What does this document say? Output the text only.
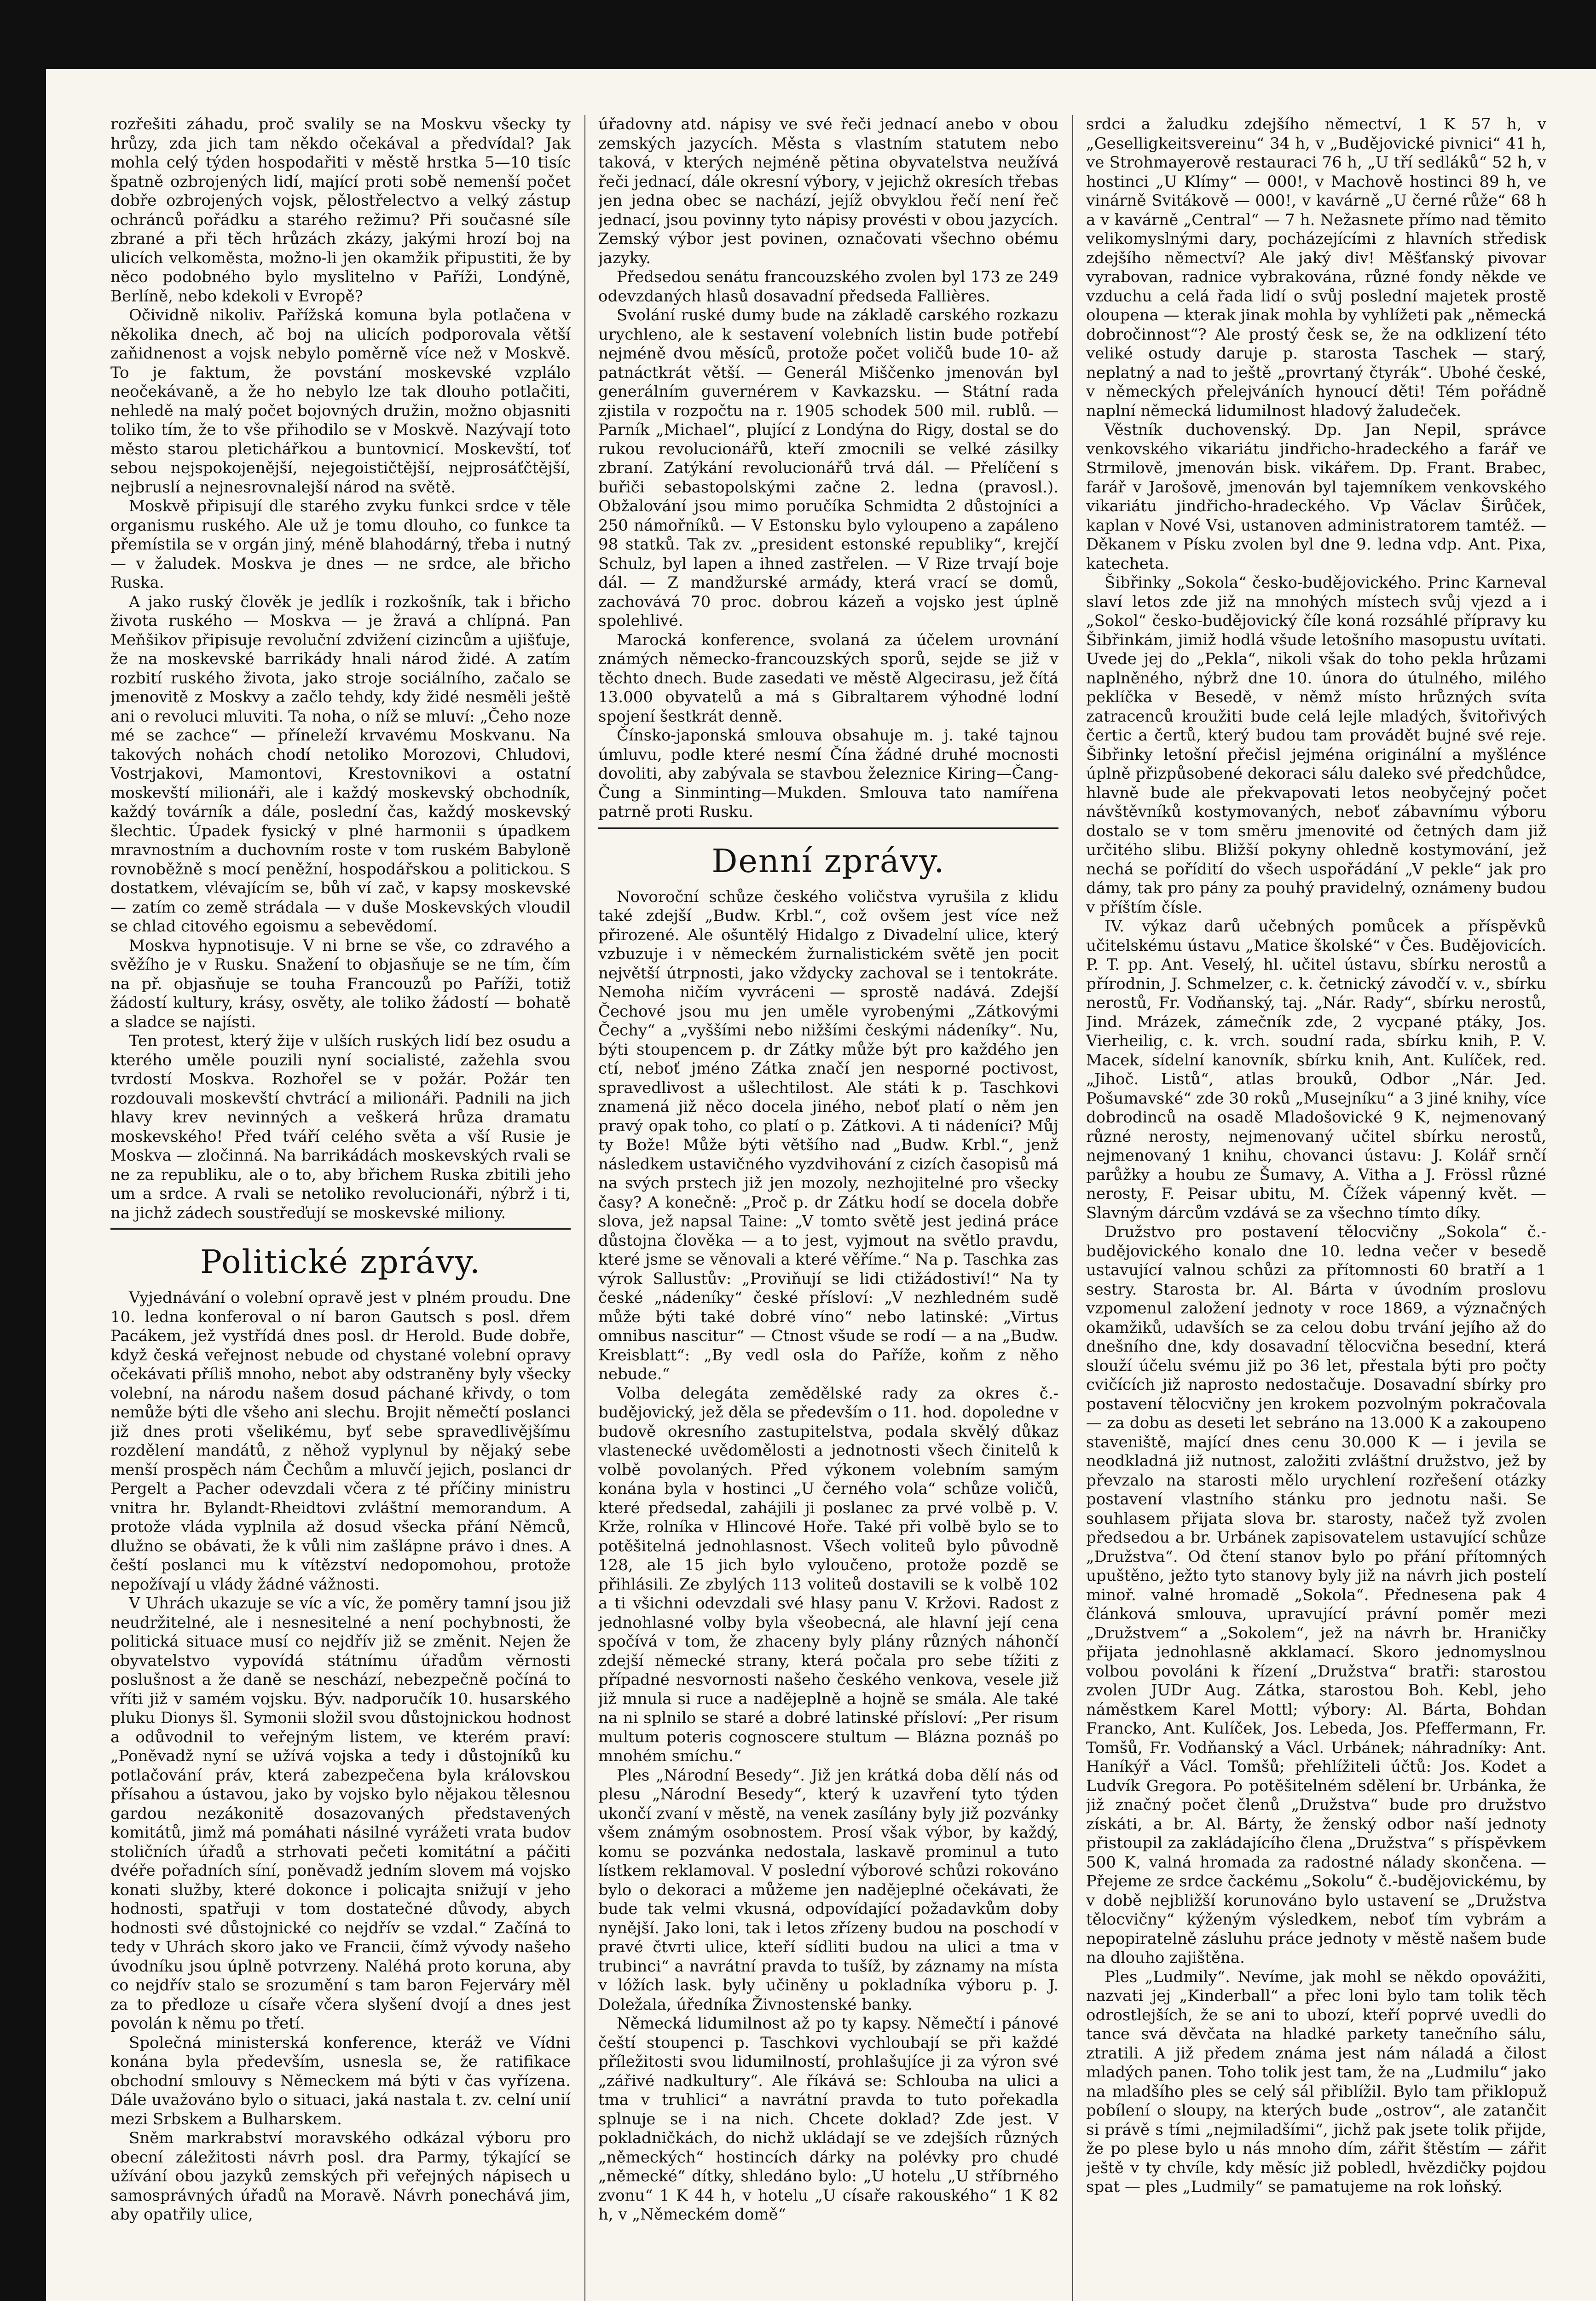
rozřešiti záhadu, proč svalily se na Moskvu všecky ty hrůzy, zda jich tam někdo očekával a předvídal? Jak mohla celý týden hospodařiti v městě hrstka 5—10 tisíc špatně ozbrojených lidí, mající proti sobě nemenší počet dobře ozbrojených vojsk, pělostřelectvo a velký zástup ochránců pořádku a starého režimu? Při současné síle zbrané a při těch hrůzách zkázy, jakými hrozí boj na ulicích velkoměsta, možno-li jen okamžik připustiti, že by něco podobného bylo myslitelno v Paříži, Londýně, Berlíně, nebo kdekoli v Evropě?

Očividně nikoliv. Pařížská komuna byla potlačena v několika dnech, ač boj na ulicích podporovala větší zaňidnenost a vojsk nebylo poměrně více než v Moskvě. To je faktum, že povstání moskevské vzplálo neočekávaně, a že ho nebylo lze tak dlouho potlačiti, nehledě na malý počet bojovných družin, možno objasniti toliko tím, že to vše přihodilo se v Moskvě. Nazývají toto město starou pletichářkou a buntovnicí. Moskevští, toť sebou nejspokojenější, nejegoističtější, nejprosáťčtější, nejbruslí a nejnesrovnalejší národ na světě.

Moskvě připisují dle starého zvyku funkci srdce v těle organismu ruského. Ale už je tomu dlouho, co funkce ta přemístila se v orgán jiný, méně blahodárný, třeba i nutný — v žaludek. Moskva je dnes — ne srdce, ale břicho Ruska.

A jako ruský člověk je jedlík i rozkošník, tak i břicho života ruského — Moskva — je žravá a chlípná. Pan Meňšikov připisuje revoluční zdvižení cizincům a ujišťuje, že na moskevské barrikády hnali národ židé. A zatím rozbití ruského života, jako stroje sociálního, začalo se jmenovitě z Moskvy a začlo tehdy, kdy židé nesměli ještě ani o revoluci mluviti. Ta noha, o níž se mluví: „Čeho noze mé se zachce“ — příneleží krvavému Moskvanu. Na takových nohách chodí netoliko Morozovi, Chludovi, Vostrjakovi, Mamontovi, Krestovnikovi a ostatní moskevští milionáři, ale i každý moskevský obchodník, každý továrník a dále, poslední čas, každý moskevský šlechtic. Úpadek fysický v plné harmonii s úpadkem mravnostním a duchovním roste v tom ruském Babyloně rovnoběžně s mocí peněžní, hospodářskou a politickou. S dostatkem, vlévajícím se, bůh ví zač, v kapsy moskevské — zatím co země strádala — v duše Moskevských vloudil se chlad citového egoismu a sebevědomí.

Moskva hypnotisuje. V ni brne se vše, co zdravého a svěžího je v Rusku. Snažení to objasňuje se ne tím, čím na př. objasňuje se touha Francouzů po Paříži, totiž žádostí kultury, krásy, osvěty, ale toliko žádostí — bohatě a sladce se najísti.

Ten protest, který žije v ulších ruských lidí bez osudu a kterého uměle pouzili nyní socialisté, zažehla svou tvrdostí Moskva. Rozhořel se v požár. Požár ten rozdouvali moskevští chvtrácí a milionáři. Padnili na jich hlavy krev nevinných a veškerá hrůza dramatu moskevského! Před tváří celého světa a vší Rusie je Moskva — zločinná. Na barrikádách moskevských rvali se ne za republiku, ale o to, aby břichem Ruska zbitili jeho um a srdce. A rvali se netoliko revolucionáři, nýbrž i ti, na jichž zádech soustřeďují se moskevské miliony.

Politické zprávy.

Vyjednávání o volební opravě jest v plném proudu. Dne 10. ledna konferoval o ní baron Gautsch s posl. dřem Pacákem, jež vystřídá dnes posl. dr Herold. Bude dobře, když česká veřejnost nebude od chystané volební opravy očekávati příliš mnoho, nebot aby odstraněny byly všecky volební, na národu našem dosud páchané křivdy, o tom nemůže býti dle všeho ani slechu. Brojit němečtí poslanci již dnes proti všelikému, byť sebe spravedlivějšímu rozdělení mandátů, z něhož vyplynul by nějaký sebe menší prospěch nám Čechům a mluvčí jejich, poslanci dr Pergelt a Pacher odevzdali včera z té příčiny ministru vnitra hr. Bylandt-Rheidtovi zvláštní memorandum. A protože vláda vyplnila až dosud všecka přání Němců, dlužno se obávati, že k vůli nim zašlápne právo i dnes. A čeští poslanci mu k vítězství nedopomohou, protože nepožívají u vlády žádné vážnosti.

V Uhrách ukazuje se víc a víc, že poměry tamní jsou již neudržitelné, ale i nesnesitelné a není pochybnosti, že politická situace musí co nejdřív již se změnit. Nejen že obyvatelstvo vypovídá státnímu úřadům věrnosti poslušnost a že daně se neschází, nebezpečně počíná to vříti již v samém vojsku. Býv. nadporučík 10. husarského pluku Dionys šl. Symonii složil svou důstojnickou hodnost a odůvodnil to veřejným listem, ve kterém praví: „Poněvadž nyní se užívá vojska a tedy i důstojníků ku potlačování práv, která zabezpečena byla královskou přísahou a ústavou, jako by vojsko bylo nějakou tělesnou gardou nezákonitě dosazovaných představených komitátů, jimž má pomáhati násilné vyrážeti vrata budov stoličních úřadů a strhovati pečeti komitátní a páčiti dvéře pořadních síní, poněvadž jedním slovem má vojsko konati služby, které dokonce i policajta snižují v jeho hodnosti, spatřuji v tom dostatečné důvody, abych hodnosti své důstojnické co nejdřív se vzdal.“ Začíná to tedy v Uhrách skoro jako ve Francii, čímž vývody našeho úvodníku jsou úplně potvrzeny. Naléhá proto koruna, aby co nejdřív stalo se srozumění s tam baron Fejerváry měl za to předloze u císaře včera slyšení dvojí a dnes jest povolán k němu po třetí.

Společná ministerská konference, kteráž ve Vídni konána byla především, usnesla se, že ratifikace obchodní smlouvy s Německem má býti v čas vyřízena. Dále uvažováno bylo o situaci, jaká nastala t. zv. celní unií mezi Srbskem a Bulharskem.

Sněm markrabství moravského odkázal výboru pro obecní záležitosti návrh posl. dra Parmy, týkající se užívání obou jazyků zemských při veřejných nápisech u samosprávných úřadů na Moravě. Návrh ponechává jim, aby opatřily ulice,

úřadovny atd. nápisy ve své řeči jednací anebo v obou zemských jazycích. Města s vlastním statutem nebo taková, v kterých nejméně pětina obyvatelstva neužívá řeči jednací, dále okresní výbory, v jejichž okresích třebas jen jedna obec se nachází, jejíž obvyklou řečí není řeč jednací, jsou povinny tyto nápisy provésti v obou jazycích. Zemský výbor jest povinen, označovati všechno obému jazyky.

Předsedou senátu francouzského zvolen byl 173 ze 249 odevzdaných hlasů dosavadní předseda Fallières.

Svolání ruské dumy bude na základě carského rozkazu urychleno, ale k sestavení volebních listin bude potřebí nejméně dvou měsíců, protože počet voličů bude 10- až patnáctkrát větší. — Generál Miščenko jmenován byl generálním guvernérem v Kavkazsku. — Státní rada zjistila v rozpočtu na r. 1905 schodek 500 mil. rublů. — Parník „Michael“, plující z Londýna do Rigy, dostal se do rukou revolucionářů, kteří zmocnili se velké zásilky zbraní. Zatýkání revolucionářů trvá dál. — Přelíčení s buřiči sebastopolskými začne 2. ledna (pravosl.). Obžalování jsou mimo poručíka Schmidta 2 důstojníci a 250 námořníků. — V Estonsku bylo vyloupeno a zapáleno 98 statků. Tak zv. „president estonské republiky“, krejčí Schulz, byl lapen a ihned zastřelen. — V Rize trvají boje dál. — Z mandžurské armády, která vrací se domů, zachovává 70 proc. dobrou kázeň a vojsko jest úplně spolehlivé.

Marocká konference, svolaná za účelem urovnání známých německo-francouzských sporů, sejde se již v těchto dnech. Bude zasedati ve městě Algecirasu, jež čítá 13.000 obyvatelů a má s Gibraltarem výhodné lodní spojení šestkrát denně.

Čínsko-japonská smlouva obsahuje m. j. také tajnou úmluvu, podle které nesmí Čína žádné druhé mocnosti dovoliti, aby zabývala se stavbou železnice Kiring—Čang-Čung a Sinminting—Mukden. Smlouva tato namířena patrně proti Rusku.

Denní zprávy.

Novoroční schůze českého voličstva vyrušila z klidu také zdejší „Budw. Krbl.“, což ovšem jest více než přirozené. Ale ošuntělý Hidalgo z Divadelní ulice, který vzbuzuje i v německém žurnalistickém světě jen pocit největší útrpnosti, jako vždycky zachoval se i tentokráte. Nemoha ničím vyvráceni — sprostě nadává. Zdejší Čechové jsou mu jen uměle vyrobenými „Zátkovými Čechy“ a „vyššími nebo nižšími českými nádeníky“. Nu, býti stoupencem p. dr Zátky může být pro každého jen ctí, neboť jméno Zátka značí jen nesporné poctivost, spravedlivost a ušlechtilost. Ale státi k p. Taschkovi znamená již něco docela jiného, neboť platí o něm jen pravý opak toho, co platí o p. Zátkovi. A ti nádeníci? Můj ty Bože! Může býti většího nad „Budw. Krbl.“, jenž následkem ustavičného vyzdvihování z cizích časopisů má na svých prstech již jen mozoly, nezhojitelné pro všecky časy? A konečně: „Proč p. dr Zátku hodí se docela dobře slova, jež napsal Taine: „V tomto světě jest jediná práce důstojna člověka — a to jest, vyjmout na světlo pravdu, které jsme se věnovali a které věříme.“ Na p. Taschka zas výrok Sallustův: „Proviňují se lidi ctižádostiví!“ Na ty české „nádeníky“ české přísloví: „V nezhledném sudě může býti také dobré víno“ nebo latinské: „Virtus omnibus nascitur“ — Ctnost všude se rodí — a na „Budw. Kreisblatt“: „By vedl osla do Paříže, koňm z něho nebude.“

Volba delegáta zemědělské rady za okres č.-budějovický, jež děla se především o 11. hod. dopoledne v budově okresního zastupitelstva, podala skvělý důkaz vlastenecké uvědomělosti a jednotnosti všech činitelů k volbě povolaných. Před výkonem volebním samým konána byla v hostinci „U černého vola“ schůze voličů, které předsedal, zahájili ji poslanec za prvé volbě p. V. Krže, rolníka v Hlincové Hoře. Také při volbě bylo se to potěšitelná jednohlasnost. Všech voliteů bylo původně 128, ale 15 jich bylo vyloučeno, protože pozdě se přihlásili. Ze zbylých 113 voliteů dostavili se k volbě 102 a ti všichni odevzdali své hlasy panu V. Kržovi. Radost z jednohlasné volby byla všeobecná, ale hlavní její cena spočívá v tom, že zhaceny byly plány různých náhončí zdejší německé strany, která počala pro sebe tížiti z případné nesvornosti našeho českého venkova, vesele již již mnula si ruce a nadějeplně a hojně se smála. Ale také na ni splnilo se staré a dobré latinské přísloví: „Per risum multum poteris cognoscere stultum — Blázna poznáš po mnohém smíchu.“

Ples „Národní Besedy“. Již jen krátká doba dělí nás od plesu „Národní Besedy“, který k uzavření tyto týden ukončí zvaní v městě, na venek zasílány byly již pozvánky všem známým osobnostem. Prosí však výbor, by každý, komu se pozvánka nedostala, laskavě prominul a tuto lístkem reklamoval. V poslední výborové schůzi rokováno bylo o dekoraci a můžeme jen nadějeplné očekávati, že bude tak velmi vkusná, odpovídající požadavkům doby nynější. Jako loni, tak i letos zřízeny budou na poschodí v pravé čtvrti ulice, kteří sídliti budou na ulici a tma v trubinci“ a navrátní pravda to tušíž, by záznamy na místa v lóžích lask. byly učiněny u pokladníka výboru p. J. Doležala, úředníka Živnostenské banky.

Německá lidumilnost až po ty kapsy. Němečtí i pánové čeští stoupenci p. Taschkovi vychloubají se při každé příležitosti svou lidumilností, prohlašujíce ji za výron své „zářivé nadkultury“. Ale říkává se: Schlouba na ulici a tma v truhlici“ a navrátní pravda to tuto pořekadla splnuje se i na nich. Chcete doklad? Zde jest. V pokladničkách, do nichž ukládají se ve zdejších různých „německých“ hostincích dárky na polévky pro chudé „německé“ dítky, shledáno bylo: „U hotelu „U stříbrného zvonu“ 1 K 44 h, v hotelu „U císaře rakouského“ 1 K 82 h, v „Německém domě“

srdci a žaludku zdejšího němectví, 1 K 57 h, v „Geselligkeitsvereinu“ 34 h, v „Budějovické pivnici“ 41 h, ve Strohmayerově restauraci 76 h, „U tří sedláků“ 52 h, v hostinci „U Klímy“ — 000!, v Machově hostinci 89 h, ve vinárně Svitákově — 000!, v kavárně „U černé růže“ 68 h a v kavárně „Central“ — 7 h. Nežasnete přímo nad těmito velikomyslnými dary, pocházejícími z hlavních středisk zdejšího němectví? Ale jaký div! Měšťanský pivovar vyrabovan, radnice vybrakována, různé fondy někde ve vzduchu a celá řada lidí o svůj poslední majetek prostě oloupena — kterak jinak mohla by vyhlížeti pak „německá dobročinnost“? Ale prostý česk se, že na odklizení této veliké ostudy daruje p. starosta Taschek — starý, neplatný a nad to ještě „provrtaný čtyrák“. Ubohé české, v německých přelejváních hynoucí děti! Tém pořádně naplní německá lidumilnost hladový žaludeček.

Věstník duchovenský. Dp. Jan Nepil, správce venkovského vikariátu jindřicho-hradeckého a farář ve Strmilově, jmenován bisk. vikářem. Dp. Frant. Brabec, farář v Jarošově, jmenován byl tajemníkem venkovského vikariátu jindřicho-hradeckého. Vp Václav Širůček, kaplan v Nové Vsi, ustanoven administratorem tamtéž. — Děkanem v Písku zvolen byl dne 9. ledna vdp. Ant. Pixa, katecheta.

Šibřinky „Sokola“ česko-budějovického. Princ Karneval slaví letos zde již na mnohých místech svůj vjezd a i „Sokol“ česko-budějovický číle koná rozsáhlé přípravy ku Šibřinkám, jimiž hodlá všude letošního masopustu uvítati. Uvede jej do „Pekla“, nikoli však do toho pekla hrůzami naplněného, nýbrž dne 10. února do útulného, milého peklíčka v Besedě, v němž místo hrůzných svíta zatracenců kroužiti bude celá lejle mladých, švitořivých čertic a čertů, který budou tam provádět bujné své reje. Šibřinky letošní přečisl jejména originální a myšlénce úplně přizpůsobené dekoraci sálu daleko své předchůdce, hlavně bude ale překvapovati letos neobyčejný počet návštěvníků kostymovaných, neboť zábavnímu výboru dostalo se v tom směru jmenovité od četných dam již určitého slibu. Bližší pokyny ohledně kostymování, jež nechá se pořídití do všech uspořádání „V pekle“ jak pro dámy, tak pro pány za pouhý pravidelný, oznámeny budou v příštím čísle.

IV. výkaz darů učebných pomůcek a příspěvků učitelskému ústavu „Matice školské“ v Čes. Budějovicích. P. T. pp. Ant. Veselý, hl. učitel ústavu, sbírku nerostů a přírodnin, J. Schmelzer, c. k. četnický závodčí v. v., sbírku nerostů, Fr. Vodňanský, taj. „Nár. Rady“, sbírku nerostů, Jind. Mrázek, zámečník zde, 2 vycpané ptáky, Jos. Vierheilig, c. k. vrch. soudní rada, sbírku knih, P. V. Macek, sídelní kanovník, sbírku knih, Ant. Kulíček, red. „Jihoč. Listů“, atlas brouků, Odbor „Nár. Jed. Pošumavské“ zde 30 roků „Musejníku“ a 3 jiné knihy, více dobrodinců na osadě Mladošovické 9 K, nejmenovaný různé nerosty, nejmenovaný učitel sbírku nerostů, nejmenovaný 1 knihu, chovanci ústavu: J. Kolář srnčí parůžky a houbu ze Šumavy, A. Vitha a J. Frössl různé nerosty, F. Peisar ubitu, M. Čížek vápenný květ. — Slavným dárcům vzdává se za všechno tímto díky.

Družstvo pro postavení tělocvičny „Sokola“ č.-budějovického konalo dne 10. ledna večer v besedě ustavující valnou schůzi za přítomnosti 60 bratří a 1 sestry. Starosta br. Al. Bárta v úvodním proslovu vzpomenul založení jednoty v roce 1869, a význačných okamžiků, udavších se za celou dobu trvání jejího až do dnešního dne, kdy dosavadní tělocvična besední, která slouží účelu svému již po 36 let, přestala býti pro počty cvičících již naprosto nedostačuje. Dosavadní sbírky pro postavení tělocvičny jen krokem pozvolným pokračovala — za dobu as deseti let sebráno na 13.000 K a zakoupeno staveniště, mající dnes cenu 30.000 K — i jevila se neodkladná již nutnost, založiti zvláštní družstvo, jež by převzalo na starosti mělo urychlení rozřešení otázky postavení vlastního stánku pro jednotu naši. Se souhlasem přijata slova br. starosty, načež tyž zvolen předsedou a br. Urbánek zapisovatelem ustavující schůze „Družstva“. Od čtení stanov bylo po přání přítomných upuštěno, ježto tyto stanovy byly již na návrh jich postelí minoř. valné hromadě „Sokola“. Přednesena pak 4 článková smlouva, upravující právní poměr mezi „Družstvem“ a „Sokolem“, jež na návrh br. Hraničky přijata jednohlasně akklamací. Skoro jednomyslnou volbou povoláni k řízení „Družstva“ bratři: starostou zvolen JUDr Aug. Zátka, starostou Boh. Kebl, jeho náměstkem Karel Mottl; výbory: Al. Bárta, Bohdan Francko, Ant. Kulíček, Jos. Lebeda, Jos. Pfeffermann, Fr. Tomšů, Fr. Vodňanský a Václ. Urbánek; náhradníky: Ant. Haníkýř a Václ. Tomšů; přehlížiteli účtů: Jos. Kodet a Ludvík Gregora. Po potěšitelném sdělení br. Urbánka, že již značný počet členů „Družstva“ bude pro družstvo získáti, a br. Al. Bárty, že ženský odbor naší jednoty přistoupil za zakládajícího člena „Družstva“ s příspěvkem 500 K, valná hromada za radostné nálady skončena. — Přejeme ze srdce čackému „Sokolu“ č.-budějovickému, by v době nejbližší korunováno bylo ustavení se „Družstva tělocvičny“ kýženým výsledkem, neboť tím vybrám a nepopiratelně zásluhu práce jednoty v městě našem bude na dlouho zajištěna.

Ples „Ludmily“. Nevíme, jak mohl se někdo opovážiti, nazvati jej „Kinderball“ a přec loni bylo tam tolik těch odrostlejších, že se ani to ubozí, kteří poprvé uvedli do tance svá děvčata na hladké parkety tanečního sálu, ztratili. A již předem známa jest nám náladá a čilost mladých panen. Toho tolik jest tam, že na „Ludmilu“ jako na mladšího ples se celý sál přiblížil. Bylo tam přiklopuž pobílení o sloupy, na kterých bude „ostrov“, ale zatančit si právě s tími „nejmiladšími“, jichž pak jsete tolik přijde, že po plese bylo u nás mnoho dím, zářit štěstím — zářit ještě v ty chvíle, kdy měsíc již pobledl, hvězdičky pojdou spat — ples „Ludmily“ se pamatujeme na rok loňský.
